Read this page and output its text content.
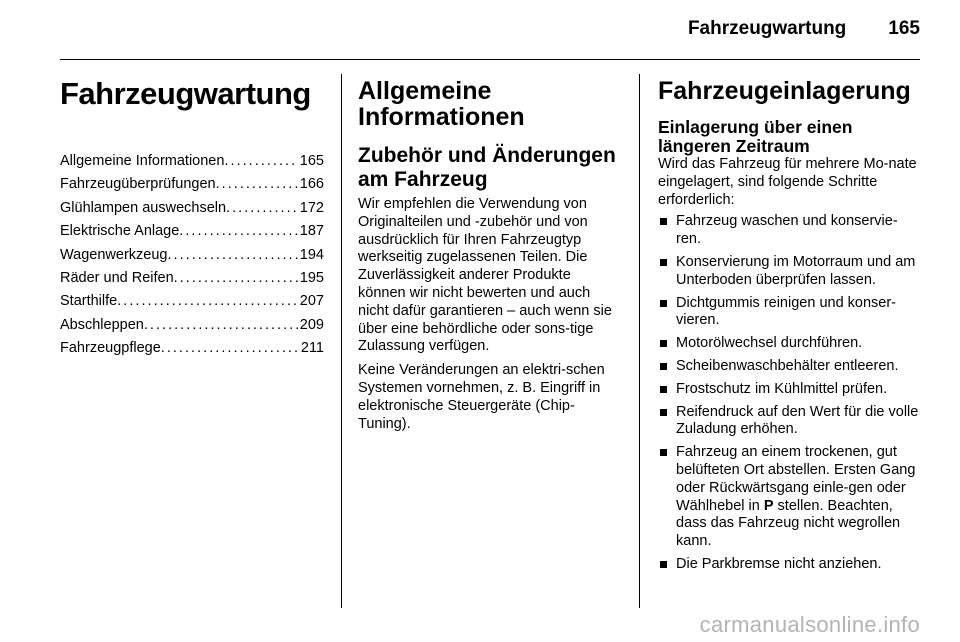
Fahrzeugwartung 165
Fahrzeugwartung
Allgemeine Informationen . . .	165
Fahrzeugüberprüfungen . . .	166
Glühlampen auswechseln . . .	172
Elektrische Anlage . . .	187
Wagenwerkzeug . . .	194
Räder und Reifen . . .	195
Starthilfe . . .	207
Abschleppen . . .	209
Fahrzeugpflege . . .	211
Allgemeine Informationen
Zubehör und Änderungen am Fahrzeug

Wir empfehlen die Verwendung von Originalteilen und -zubehör und von ausdrücklich für Ihren Fahrzeugtyp werkseitig zugelassenen Teilen. Die Zuverlässigkeit anderer Produkte können wir nicht bewerten und auch nicht dafür garantieren – auch wenn sie über eine behördliche oder sons-tige Zulassung verfügen.

Keine Veränderungen an elektri-schen Systemen vornehmen, z. B. Eingriff in elektronische Steuergeräte (Chip-Tuning).

Fahrzeugeinlagerung
Einlagerung über einen längeren Zeitraum

Wird das Fahrzeug für mehrere Mo-nate eingelagert, sind folgende Schritte erforderlich:

Fahrzeug waschen und konservie-ren.
Konservierung im Motorraum und am Unterboden überprüfen lassen.
Dichtgummis reinigen und konser-vieren.
Motorölwechsel durchführen.
Scheibenwaschbehälter entleeren.
Frostschutz im Kühlmittel prüfen.
Reifendruck auf den Wert für die volle Zuladung erhöhen.
Fahrzeug an einem trockenen, gut belüfteten Ort abstellen. Ersten Gang oder Rückwärtsgang einle-gen oder Wählhebel in P stellen. Beachten, dass das Fahrzeug nicht wegrollen kann.
Die Parkbremse nicht anziehen.
carmanualsonline.info
